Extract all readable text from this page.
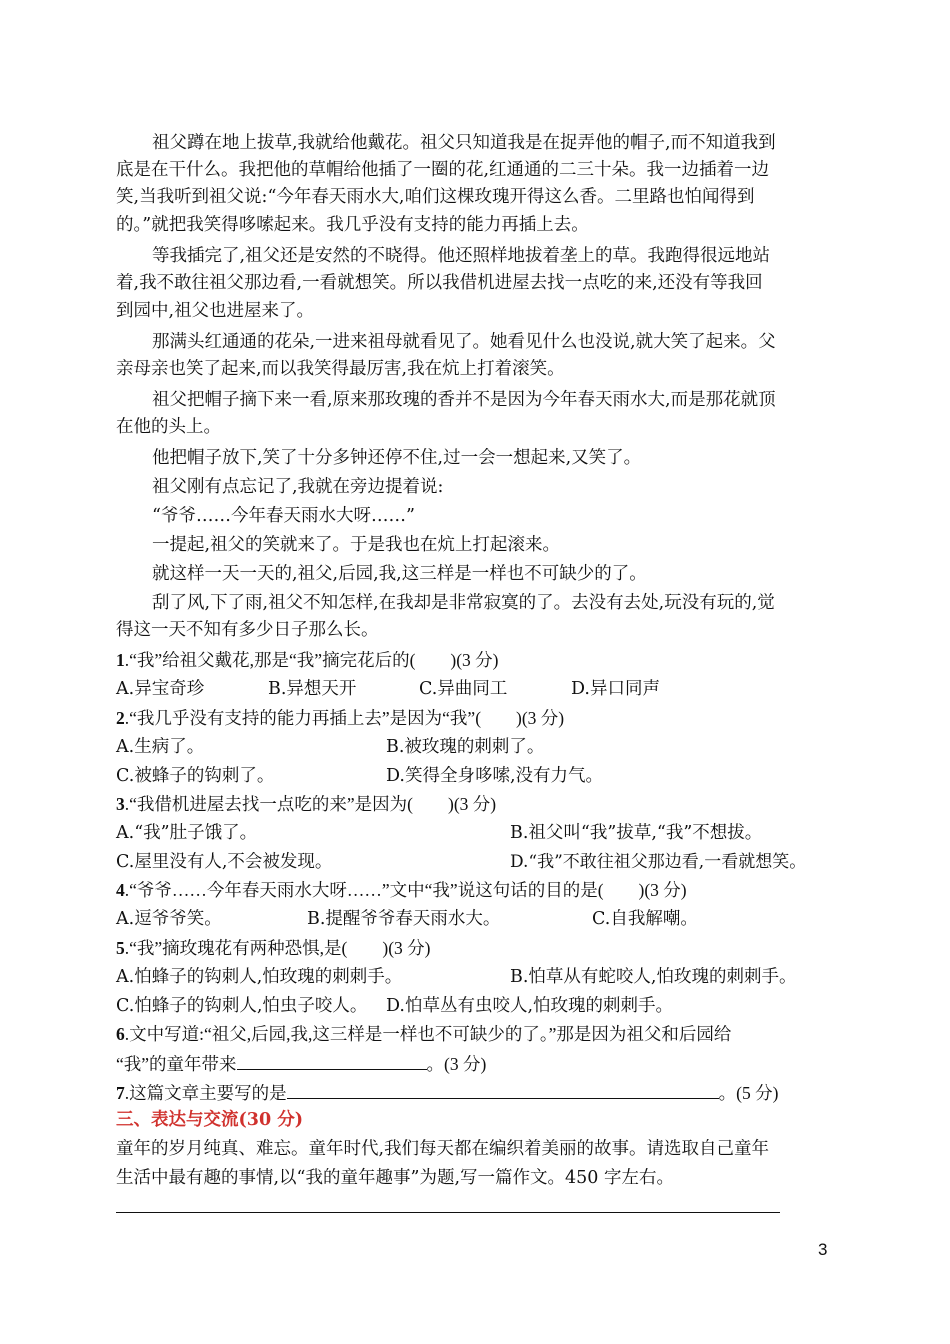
祖父蹲在地上拔草,我就给他戴花。祖父只知道我是在捉弄他的帽子,而不知道我到
底是在干什么。我把他的草帽给他插了一圈的花,红通通的二三十朵。我一边插着一边
笑,当我听到祖父说:“今年春天雨水大,咱们这棵玫瑰开得这么香。二里路也怕闻得到
的。”就把我笑得哆嗦起来。我几乎没有支持的能力再插上去。
等我插完了,祖父还是安然的不晓得。他还照样地拔着垄上的草。我跑得很远地站
着,我不敢往祖父那边看,一看就想笑。所以我借机进屋去找一点吃的来,还没有等我回
到园中,祖父也进屋来了。
那满头红通通的花朵,一进来祖母就看见了。她看见什么也没说,就大笑了起来。父
亲母亲也笑了起来,而以我笑得最厉害,我在炕上打着滚笑。
祖父把帽子摘下来一看,原来那玫瑰的香并不是因为今年春天雨水大,而是那花就顶
在他的头上。
他把帽子放下,笑了十分多钟还停不住,过一会一想起来,又笑了。
祖父刚有点忘记了,我就在旁边提着说:
“爷爷……今年春天雨水大呀……”
一提起,祖父的笑就来了。于是我也在炕上打起滚来。
就这样一天一天的,祖父,后园,我,这三样是一样也不可缺少的了。
刮了风,下了雨,祖父不知怎样,在我却是非常寂寞的了。去没有去处,玩没有玩的,觉
得这一天不知有多少日子那么长。
1.“我”给祖父戴花,那是“我”摘完花后的(　　)(3 分)
A.异宝奇珍	B.异想天开	C.异曲同工	D.异口同声
2.“我几乎没有支持的能力再插上去”是因为“我”(　　)(3 分)
A.生病了。	B.被玫瑰的刺刺了。
C.被蜂子的钩刺了。	D.笑得全身哆嗦,没有力气。
3.“我借机进屋去找一点吃的来”是因为(　　)(3 分)
A.“我”肚子饿了。	B.祖父叫“我”拔草,“我”不想拔。
C.屋里没有人,不会被发现。	D.“我”不敢往祖父那边看,一看就想笑。
4.“爷爷……今年春天雨水大呀……”文中“我”说这句话的目的是(　　)(3 分)
A.逗爷爷笑。	B.提醒爷爷春天雨水大。	C.自我解嘲。
5.“我”摘玫瑰花有两种恐惧,是(　　)(3 分)
A.怕蜂子的钩刺人,怕玫瑰的刺刺手。	B.怕草从有蛇咬人,怕玫瑰的刺刺手。
C.怕蜂子的钩刺人,怕虫子咬人。 D.怕草丛有虫咬人,怕玫瑰的刺刺手。
6.文中写道:“祖父,后园,我,这三样是一样也不可缺少的了。”那是因为祖父和后园给
“我”的童年带来	。(3 分)
7.这篇文章主要写的是	。(5 分)
三、表达与交流(30 分)
童年的岁月纯真、难忘。童年时代,我们每天都在编织着美丽的故事。请选取自己童年
生活中最有趣的事情,以“我的童年趣事”为题,写一篇作文。450 字左右。
3
